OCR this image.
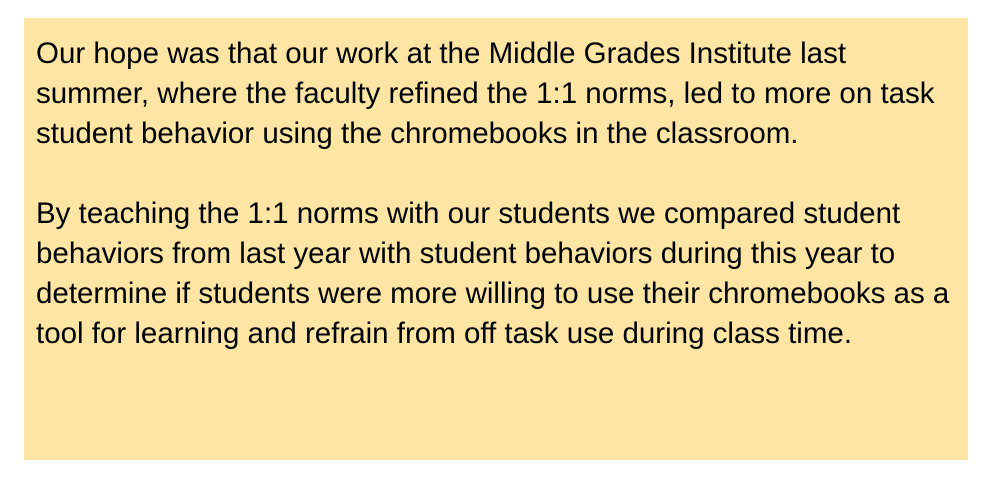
Our hope was that our work at the Middle Grades Institute last summer, where the faculty refined the 1:1 norms, led to more on task student behavior using the chromebooks in the classroom.

By teaching the 1:1 norms with our students we compared student behaviors from last year with student behaviors during this year to determine if students were more willing to use their chromebooks as a tool for learning and refrain from off task use during class time.
